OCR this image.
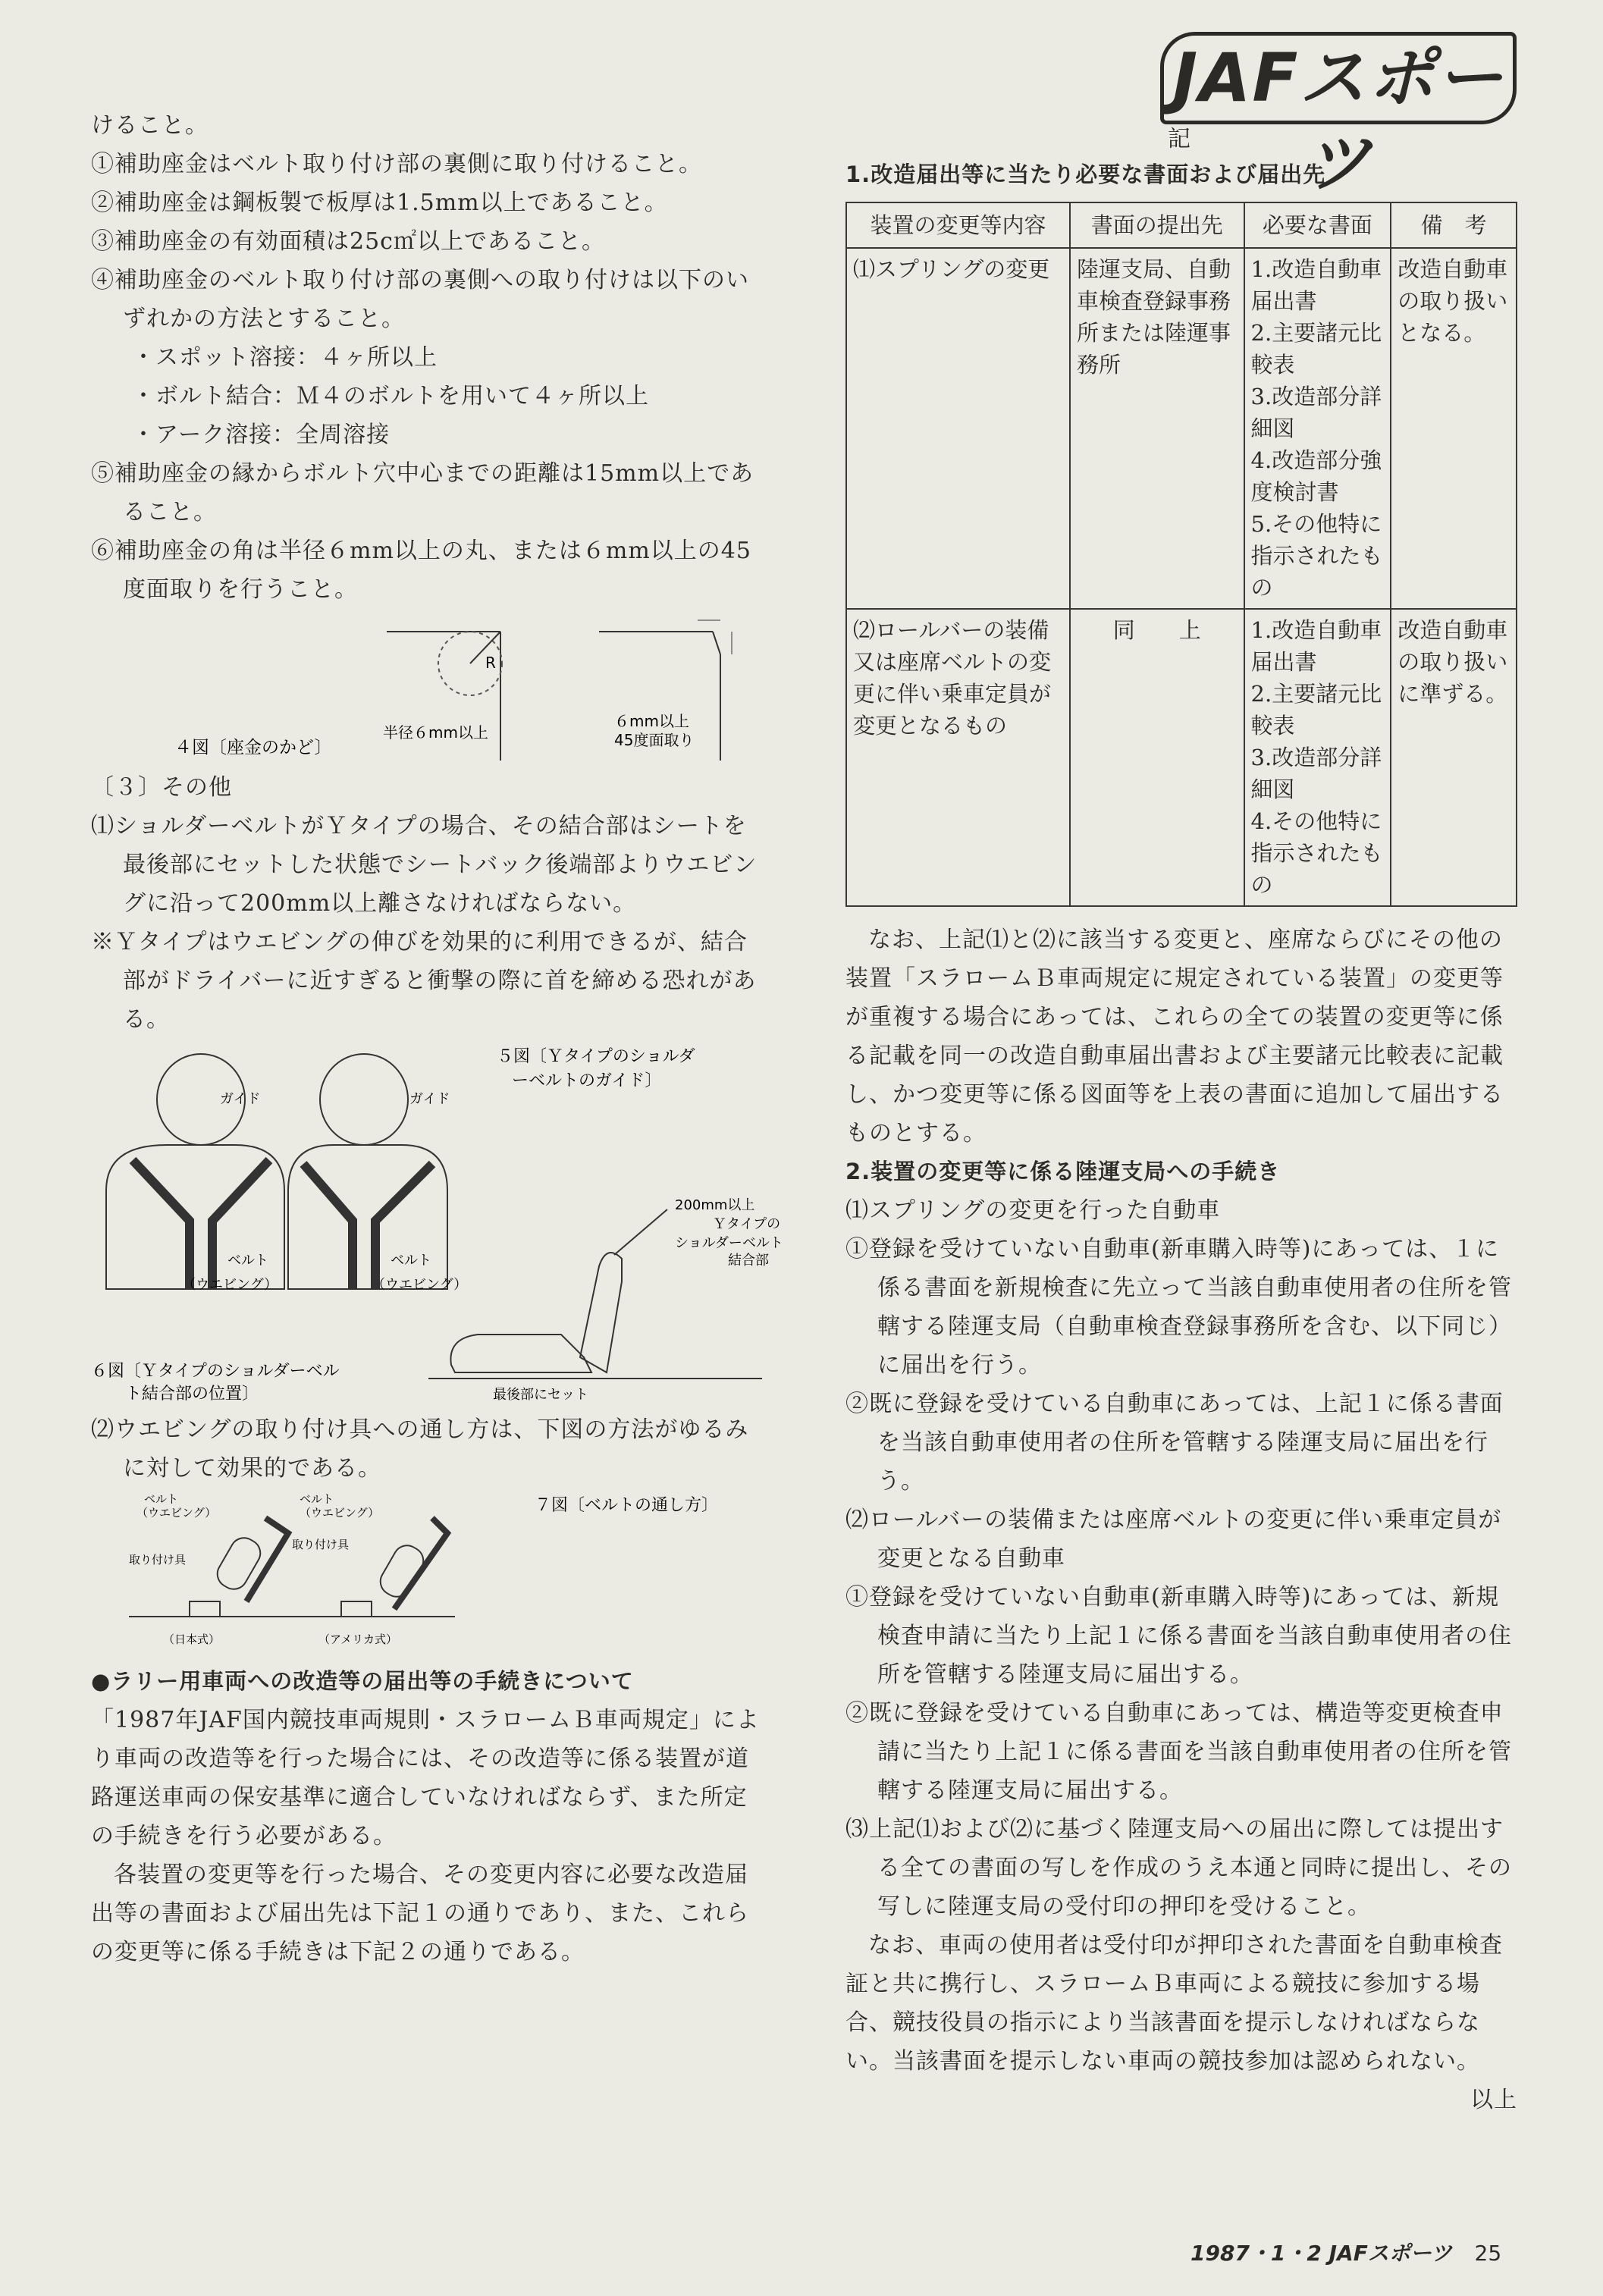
JAFスポーツ
記

けること。

①補助座金はベルト取り付け部の裏側に取り付けること。

②補助座金は鋼板製で板厚は1.5mm以上であること。

③補助座金の有効面積は25c㎡以上であること。

④補助座金のベルト取り付け部の裏側への取り付けは以下のいずれかの方法とすること。

・スポット溶接：４ヶ所以上

・ボルト結合：Ｍ４のボルトを用いて４ヶ所以上

・アーク溶接：全周溶接

⑤補助座金の縁からボルト穴中心までの距離は15mm以上であること。

⑥補助座金の角は半径６mm以上の丸、または６mm以上の45度面取りを行うこと。

R
半径６mm以上
６mm以上
45度面取り
４図〔座金のかど〕

〔３〕その他

⑴ショルダーベルトがＹタイプの場合、その結合部はシートを最後部にセットした状態でシートバック後端部よりウエビングに沿って200mm以上離さなければならない。

※Ｙタイプはウエビングの伸びを効果的に利用できるが、結合部がドライバーに近すぎると衝撃の際に首を締める恐れがある。

５図〔Ｙタイプのショルダ
ーベルトのガイド〕
ガイド
ベルト
（ウエビング）
ガイド
ベルト
（ウエビング）
200mm以上
Ｙタイプの
ショルダーベルト
結合部
最後部にセット
６図〔Ｙタイプのショルダーベル
ト結合部の位置〕

⑵ウエビングの取り付け具への通し方は、下図の方法がゆるみに対して効果的である。

７図〔ベルトの通し方〕
ベルト
（ウエビング）
取り付け具
（日本式）
ベルト
（ウエビング）
取り付け具
（アメリカ式）

●ラリー用車両への改造等の届出等の手続きについて

「1987年JAF国内競技車両規則・スラロームＢ車両規定」により車両の改造等を行った場合には、その改造等に係る装置が道路運送車両の保安基準に適合していなければならず、また所定の手続きを行う必要がある。

各装置の変更等を行った場合、その変更内容に必要な改造届出等の書面および届出先は下記１の通りであり、また、これらの変更等に係る手続きは下記２の通りである。

1.改造届出等に当たり必要な書面および届出先

装置の変更等内容	書面の提出先	必要な書面	備　考
⑴スプリングの変更	陸運支局、自動車検査登録事務所または陸運事務所	1.改造自動車届出書
2.主要諸元比較表
3.改造部分詳細図
4.改造部分強度検討書
5.その他特に指示されたもの	改造自動車の取り扱いとなる。
⑵ロールバーの装備又は座席ベルトの変更に伴い乗車定員が変更となるもの	同　　上	1.改造自動車届出書
2.主要諸元比較表
3.改造部分詳細図
4.その他特に指示されたもの	改造自動車の取り扱いに準ずる。

なお、上記⑴と⑵に該当する変更と、座席ならびにその他の装置「スラロームＢ車両規定に規定されている装置」の変更等が重複する場合にあっては、これらの全ての装置の変更等に係る記載を同一の改造自動車届出書および主要諸元比較表に記載し、かつ変更等に係る図面等を上表の書面に追加して届出するものとする。

2.装置の変更等に係る陸運支局への手続き

⑴スプリングの変更を行った自動車

①登録を受けていない自動車(新車購入時等)にあっては、１に係る書面を新規検査に先立って当該自動車使用者の住所を管轄する陸運支局（自動車検査登録事務所を含む、以下同じ）に届出を行う。

②既に登録を受けている自動車にあっては、上記１に係る書面を当該自動車使用者の住所を管轄する陸運支局に届出を行う。

⑵ロールバーの装備または座席ベルトの変更に伴い乗車定員が変更となる自動車

①登録を受けていない自動車(新車購入時等)にあっては、新規検査申請に当たり上記１に係る書面を当該自動車使用者の住所を管轄する陸運支局に届出する。

②既に登録を受けている自動車にあっては、構造等変更検査申請に当たり上記１に係る書面を当該自動車使用者の住所を管轄する陸運支局に届出する。

⑶上記⑴および⑵に基づく陸運支局への届出に際しては提出する全ての書面の写しを作成のうえ本通と同時に提出し、その写しに陸運支局の受付印の押印を受けること。

なお、車両の使用者は受付印が押印された書面を自動車検査証と共に携行し、スラロームＢ車両による競技に参加する場合、競技役員の指示により当該書面を提示しなければならない。当該書面を提示しない車両の競技参加は認められない。

以上

1987・1・2 JAFスポーツ 25
